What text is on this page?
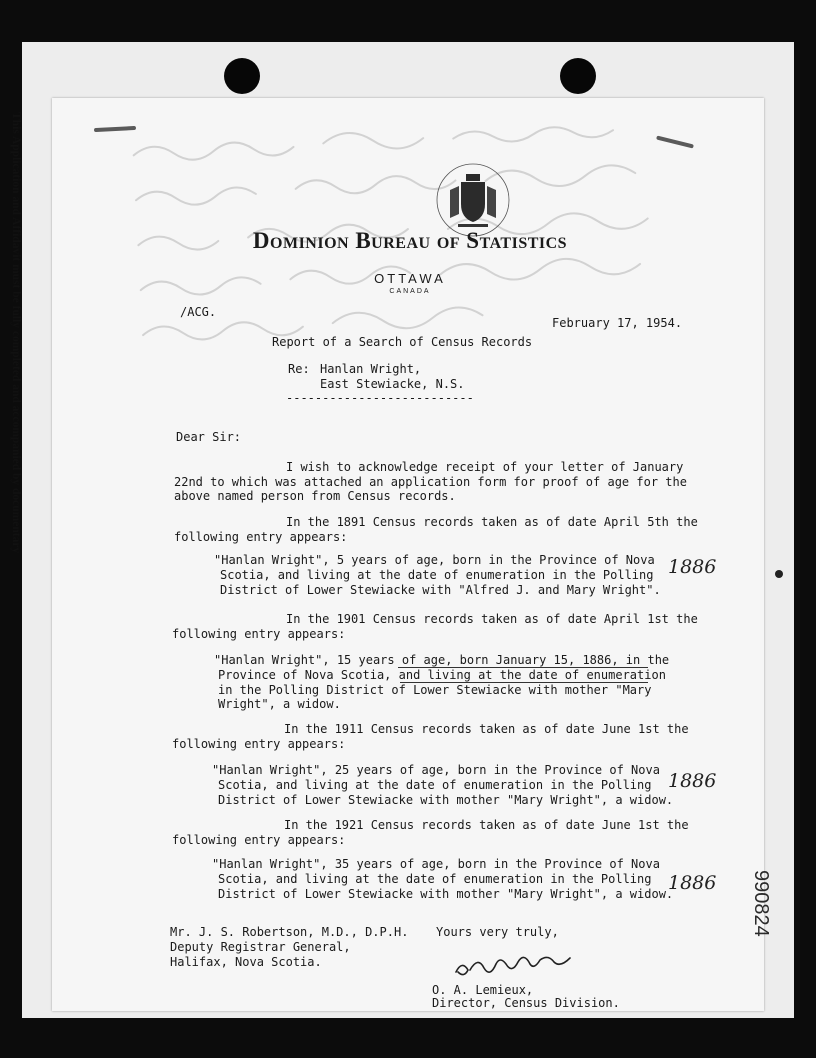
This Application and Affidavit must be fully completed and accompanied by documentary	Dominion Bureau of Statistics
OTTAWA
CANADA
/ACG.
February 17, 1954.
Report of a Search of Census Records
Re: Hanlan Wright,
East Stewiacke, N.S.
--------------------------
Dear Sir:
I wish to acknowledge receipt of your letter of January
22nd to which was attached an application form for proof of age for the
above named person from Census records.
In the 1891 Census records taken as of date April 5th the
following entry appears:
"Hanlan Wright", 5 years of age, born in the Province of Nova
Scotia, and living at the date of enumeration in the Polling
District of Lower Stewiacke with "Alfred J. and Mary Wright".
1886
In the 1901 Census records taken as of date April 1st the
following entry appears:
"Hanlan Wright", 15 years of age, born January 15, 1886, in the
Province of Nova Scotia, and living at the date of enumeration
in the Polling District of Lower Stewiacke with mother "Mary
Wright", a widow.
In the 1911 Census records taken as of date June 1st the
following entry appears:
"Hanlan Wright", 25 years of age, born in the Province of Nova
Scotia, and living at the date of enumeration in the Polling
District of Lower Stewiacke with mother "Mary Wright", a widow.
1886
In the 1921 Census records taken as of date June 1st the
following entry appears:
"Hanlan Wright", 35 years of age, born in the Province of Nova
Scotia, and living at the date of enumeration in the Polling
District of Lower Stewiacke with mother "Mary Wright", a widow.
1886
Mr. J. S. Robertson, M.D., D.P.H.
Deputy Registrar General,
Halifax, Nova Scotia.
Yours very truly,
O. A. Lemieux,
Director, Census Division.
990824
